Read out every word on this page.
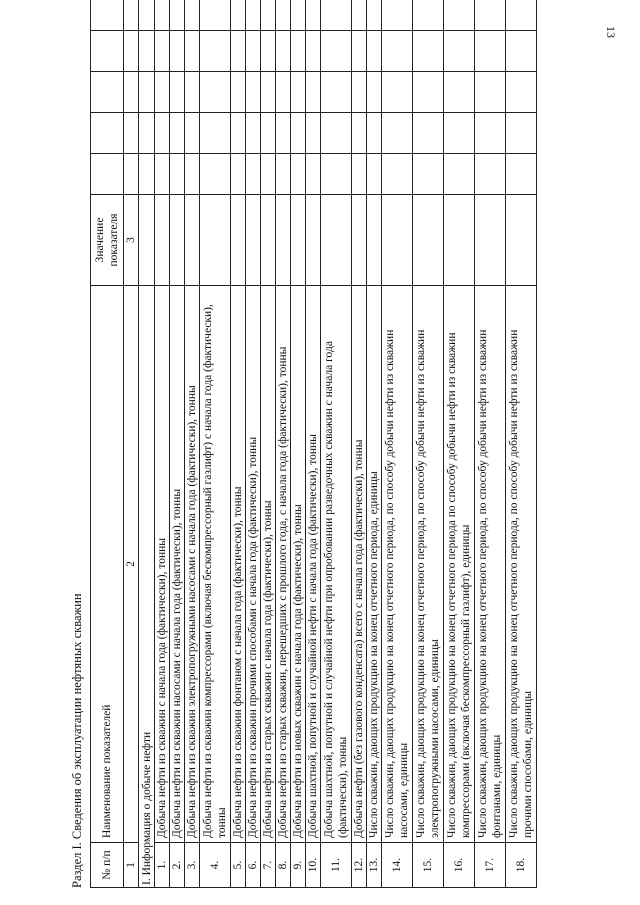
13
Раздел I. Сведения об эксплуатации нефтяных скважин № п/п	Наименование показателей	Значение показателя					
1	2	3					
I. Информация о добыче нефти							
1.	Добыча нефти из скважин с начала года (фактически), тонны						
2.	Добыча нефти из скважин насосами с начала года (фактически), тонны						
3.	Добыча нефти из скважин электропогружными насосами с начала года (фактически), тонны						
4.	Добыча нефти из скважин компрессорами (включая бескомпрессорный газлифт) с начала года (фактически), тонны						
5.	Добыча нефти из скважин фонтаном с начала года (фактически), тонны						
6.	Добыча нефти из скважин прочими способами с начала года (фактически), тонны						
7.	Добыча нефти из старых скважин с начала года (фактически), тонны						
8.	Добыча нефти из старых скважин, перешедших с прошлого года, с начала года (фактически), тонны						
9.	Добыча нефти из новых скважин с начала года (фактически), тонны						
10.	Добыча шахтной, попутной и случайной нефти с начала года (фактически), тонны						
11.	Добыча шахтной, попутной и случайной нефти при опробовании разведочных скважин с начала года (фактически), тонны						
12.	Добыча нефти (без газового конденсата) всего с начала года (фактически), тонны						
13.	Число скважин, дающих продукцию на конец отчетного периода, единицы						
14.	Число скважин, дающих продукцию на конец отчетного периода, по способу добычи нефти из скважин насосами, единицы						
15.	Число скважин, дающих продукцию на конец отчетного периода, по способу добычи нефти из скважин электропогружными насосами, единицы						
16.	Число скважин, дающих продукцию на конец отчетного периода по способу добычи нефти из скважин компрессорами (включая бескомпрессорный газлифт), единицы						
17.	Число скважин, дающих продукцию на конец отчетного периода, по способу добычи нефти из скважин фонтанами, единицы						
18.	Число скважин, дающих продукцию на конец отчетного периода, по способу добычи нефти из скважин прочими способами, единицы						
